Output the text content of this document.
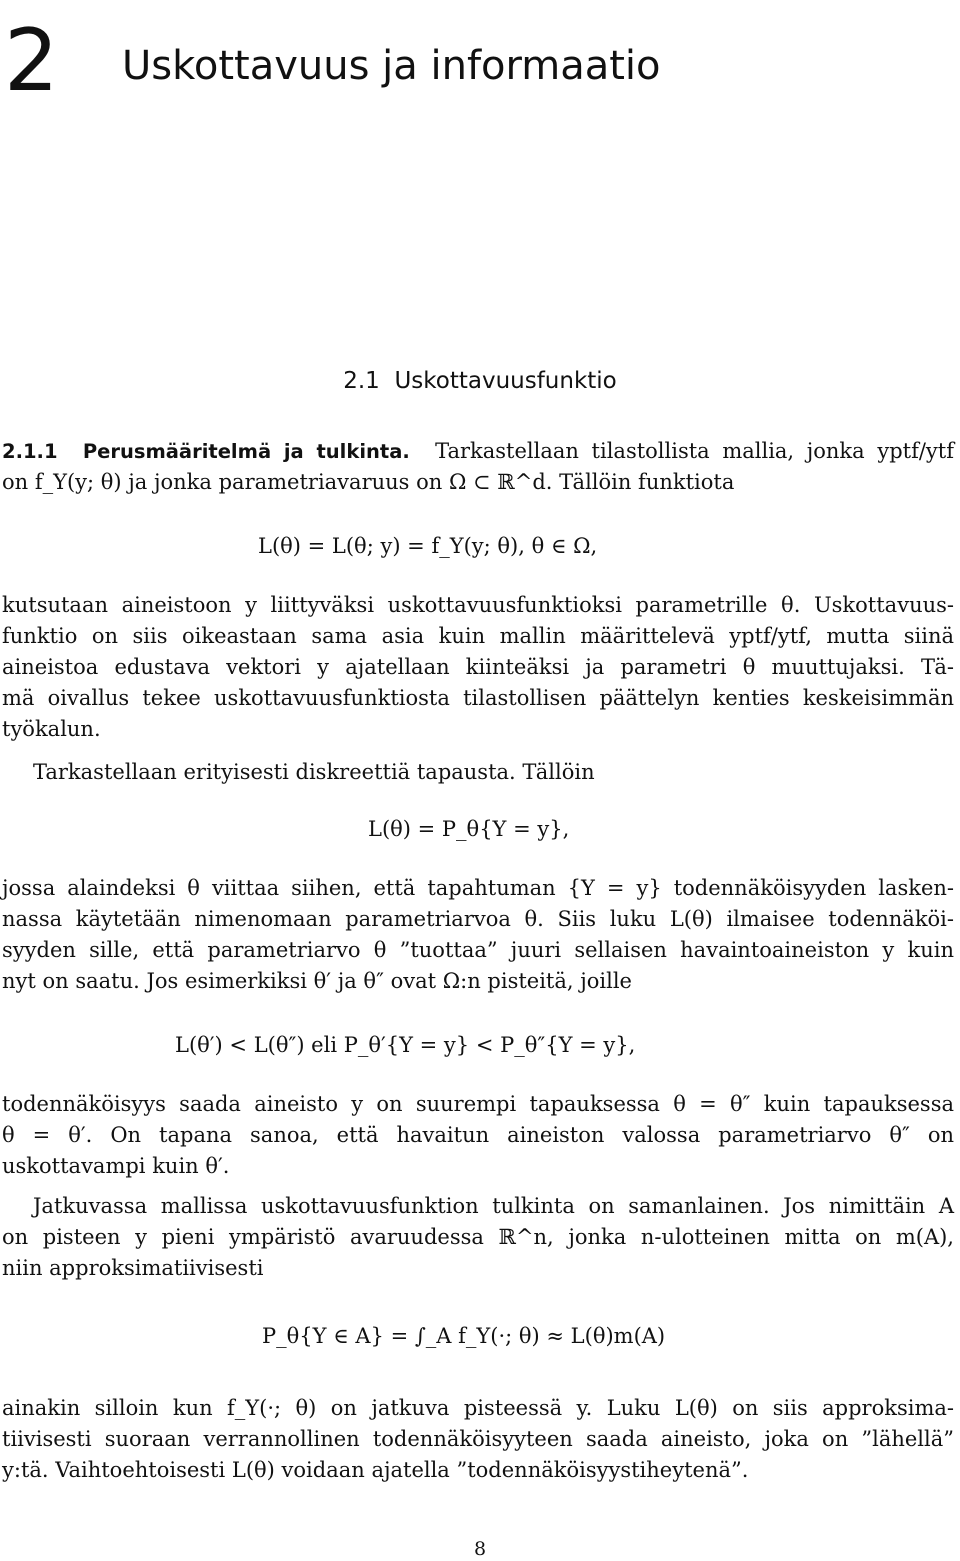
2 Uskottavuus ja informaatio
2.1 Uskottavuusfunktio
2.1.1 Perusmääritelmä ja tulkinta. Tarkastellaan tilastollista mallia, jonka yptf/ytf
on f_Y(y; θ) ja jonka parametriavaruus on Ω ⊂ ℝ^d. Tällöin funktiota
L(θ) = L(θ; y) = f_Y(y; θ), θ ∈ Ω,
kutsutaan aineistoon y liittyväksi uskottavuusfunktioksi parametrille θ. Uskottavuus-
funktio on siis oikeastaan sama asia kuin mallin määrittelevä yptf/ytf, mutta siinä
aineistoa edustava vektori y ajatellaan kiinteäksi ja parametri θ muuttujaksi. Tä-
mä oivallus tekee uskottavuusfunktiosta tilastollisen päättelyn kenties keskeisimmän
työkalun.
Tarkastellaan erityisesti diskreettiä tapausta. Tällöin
L(θ) = P_θ{Y = y},
jossa alaindeksi θ viittaa siihen, että tapahtuman {Y = y} todennäköisyyden lasken-
nassa käytetään nimenomaan parametriarvoa θ. Siis luku L(θ) ilmaisee todennäköi-
syyden sille, että parametriarvo θ ”tuottaa” juuri sellaisen havaintoaineiston y kuin
nyt on saatu. Jos esimerkiksi θ′ ja θ″ ovat Ω:n pisteitä, joille
L(θ′) < L(θ″) eli P_θ′{Y = y} < P_θ″{Y = y},
todennäköisyys saada aineisto y on suurempi tapauksessa θ = θ″ kuin tapauksessa
θ = θ′. On tapana sanoa, että havaitun aineiston valossa parametriarvo θ″ on
uskottavampi kuin θ′.
Jatkuvassa mallissa uskottavuusfunktion tulkinta on samanlainen. Jos nimittäin A
on pisteen y pieni ympäristö avaruudessa ℝ^n, jonka n-ulotteinen mitta on m(A),
niin approksimatiivisesti
P_θ{Y ∈ A} = ∫_A f_Y(·; θ) ≈ L(θ)m(A)
ainakin silloin kun f_Y(·; θ) on jatkuva pisteessä y. Luku L(θ) on siis approksima-
tiivisesti suoraan verrannollinen todennäköisyyteen saada aineisto, joka on ”lähellä”
y:tä. Vaihtoehtoisesti L(θ) voidaan ajatella ”todennäköisyystiheytenä”.
8
